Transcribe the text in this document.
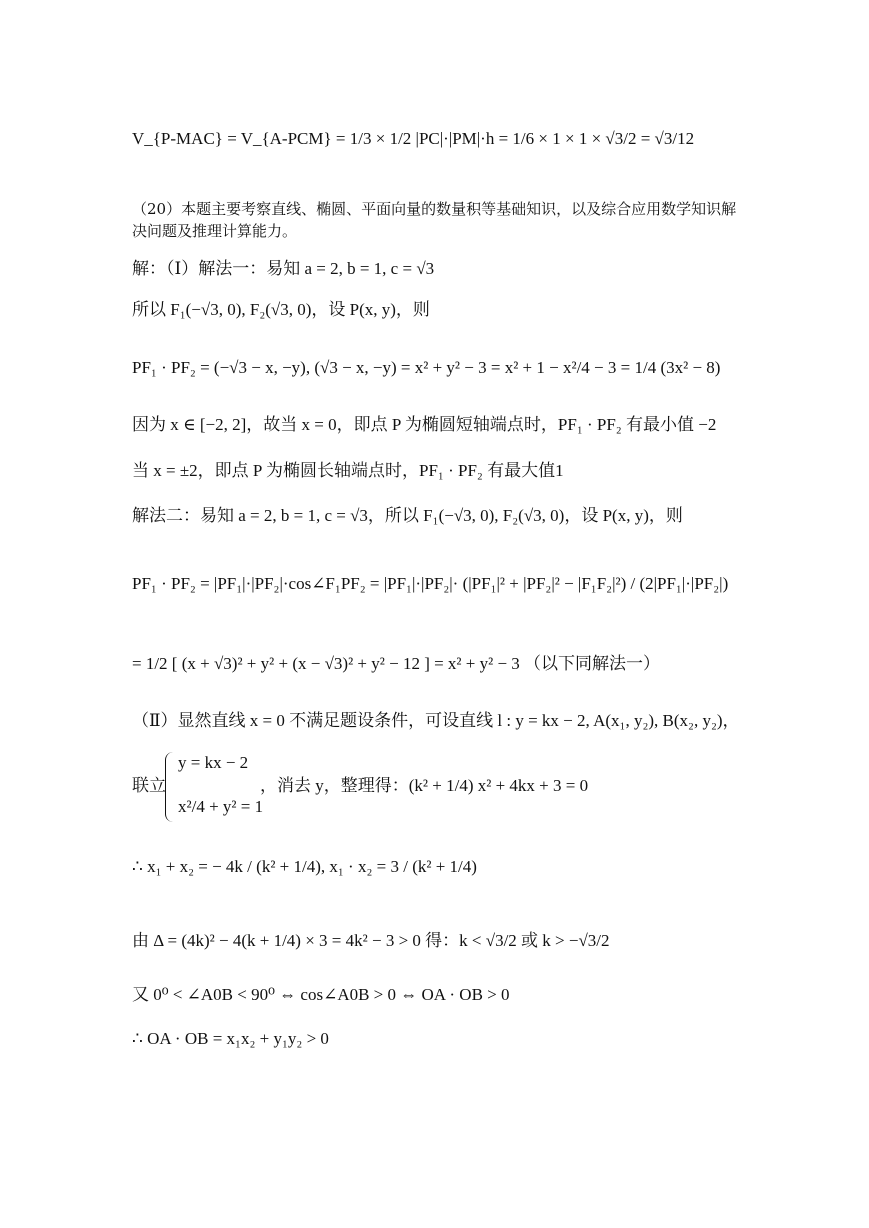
V_{P-MAC} = V_{A-PCM} = 1/3 × 1/2 |PC|·|PM|·h = 1/6 × 1 × 1 × √3/2 = √3/12
（20）本题主要考察直线、椭圆、平面向量的数量积等基础知识，以及综合应用数学知识解
决问题及推理计算能力。
解：（Ⅰ）解法一：易知 a = 2, b = 1, c = √3
所以 F₁(−√3, 0), F₂(√3, 0)，设 P(x, y)，则
PF₁ · PF₂ = (−√3 − x, −y), (√3 − x, −y) = x² + y² − 3 = x² + 1 − x²/4 − 3 = 1/4 (3x² − 8)
因为 x ∈ [−2, 2]，故当 x = 0，即点 P 为椭圆短轴端点时，PF₁ · PF₂ 有最小值 −2
当 x = ±2，即点 P 为椭圆长轴端点时，PF₁ · PF₂ 有最大值1
解法二：易知 a = 2, b = 1, c = √3，所以 F₁(−√3, 0), F₂(√3, 0)，设 P(x, y)，则
PF₁ · PF₂ = |PF₁|·|PF₂|·cos∠F₁PF₂ = |PF₁|·|PF₂|· (|PF₁|² + |PF₂|² − |F₁F₂|²) / (2|PF₁|·|PF₂|)
= 1/2 [ (x + √3)² + y² + (x − √3)² + y² − 12 ] = x² + y² − 3 （以下同解法一）
（Ⅱ）显然直线 x = 0 不满足题设条件，可设直线 l : y = kx − 2, A(x₁, y₂), B(x₂, y₂)，
联立
y = kx − 2
x²/4 + y² = 1
，消去 y，整理得：(k² + 1/4) x² + 4kx + 3 = 0
∴ x₁ + x₂ = − 4k / (k² + 1/4), x₁ · x₂ = 3 / (k² + 1/4)
由 Δ = (4k)² − 4(k + 1/4) × 3 = 4k² − 3 > 0 得：k < √3/2 或 k > −√3/2
又 0⁰ < ∠A0B < 90⁰ ⇔ cos∠A0B > 0 ⇔ OA · OB > 0
∴ OA · OB = x₁x₂ + y₁y₂ > 0
